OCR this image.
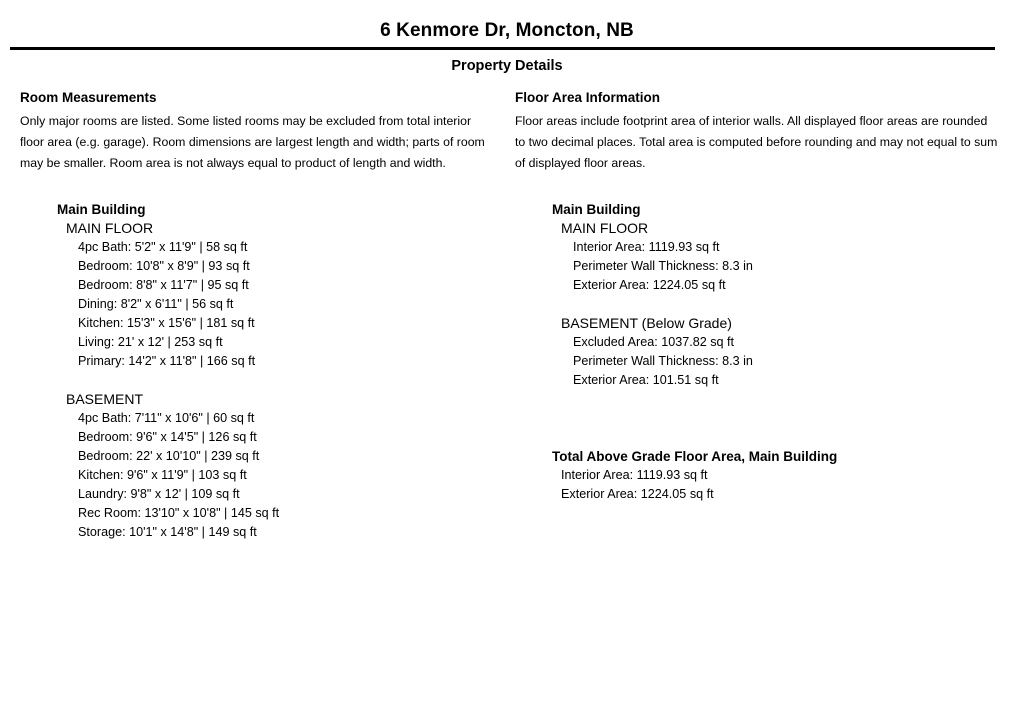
6 Kenmore Dr, Moncton, NB
Property Details
Room Measurements

Only major rooms are listed. Some listed rooms may be excluded from total interior floor area (e.g. garage). Room dimensions are largest length and width; parts of room may be smaller. Room area is not always equal to product of length and width.

Main Building
MAIN FLOOR
4pc Bath: 5'2" x 11'9" | 58 sq ft
Bedroom: 10'8" x 8'9" | 93 sq ft
Bedroom: 8'8" x 11'7" | 95 sq ft
Dining: 8'2" x 6'11" | 56 sq ft
Kitchen: 15'3" x 15'6" | 181 sq ft
Living: 21' x 12' | 253 sq ft
Primary: 14'2" x 11'8" | 166 sq ft
BASEMENT
4pc Bath: 7'11" x 10'6" | 60 sq ft
Bedroom: 9'6" x 14'5" | 126 sq ft
Bedroom: 22' x 10'10" | 239 sq ft
Kitchen: 9'6" x 11'9" | 103 sq ft
Laundry: 9'8" x 12' | 109 sq ft
Rec Room: 13'10" x 10'8" | 145 sq ft
Storage: 10'1" x 14'8" | 149 sq ft
Floor Area Information

Floor areas include footprint area of interior walls. All displayed floor areas are rounded to two decimal places. Total area is computed before rounding and may not equal to sum of displayed floor areas.

Main Building
MAIN FLOOR
Interior Area: 1119.93 sq ft
Perimeter Wall Thickness: 8.3 in
Exterior Area: 1224.05 sq ft
BASEMENT (Below Grade)
Excluded Area: 1037.82 sq ft
Perimeter Wall Thickness: 8.3 in
Exterior Area: 101.51 sq ft
Total Above Grade Floor Area, Main Building
Interior Area: 1119.93 sq ft
Exterior Area: 1224.05 sq ft
